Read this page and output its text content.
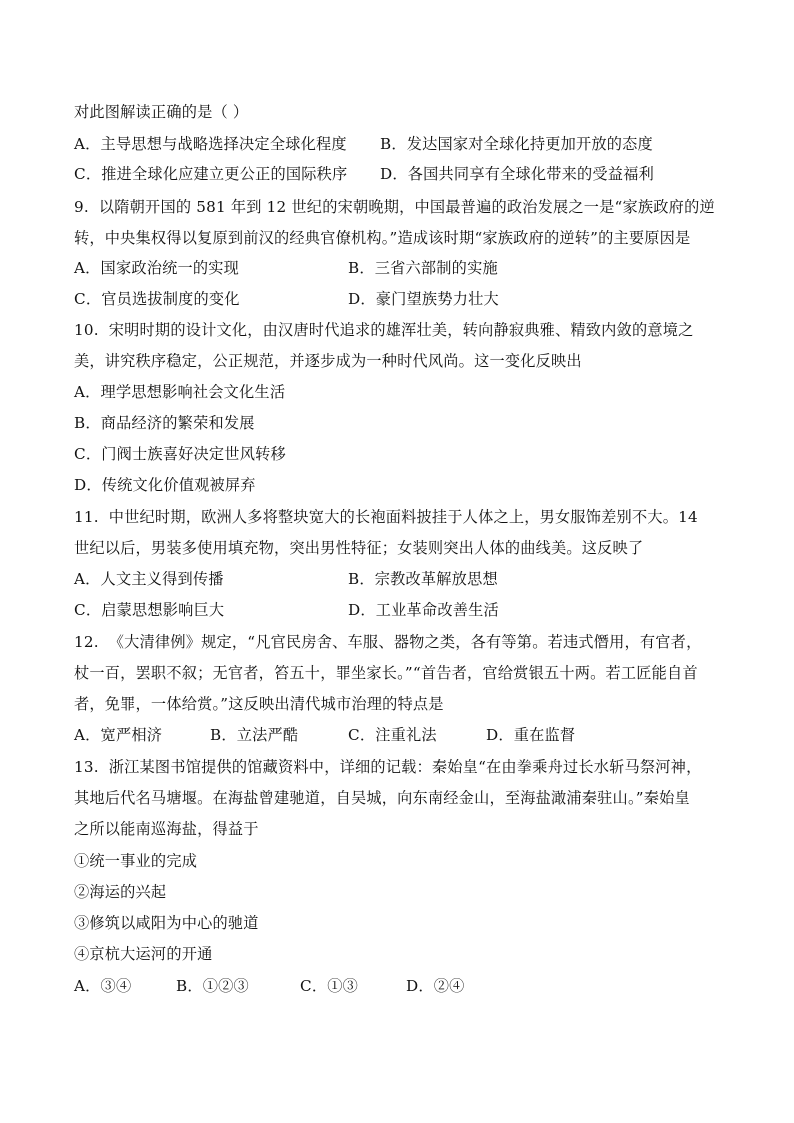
对此图解读正确的是（ ）
A．主导思想与战略选择决定全球化程度 B．发达国家对全球化持更加开放的态度
C．推进全球化应建立更公正的国际秩序 D．各国共同享有全球化带来的受益福利
9. 以隋朝开国的 581 年到 12 世纪的宋朝晚期，中国最普遍的政治发展之一是“家族政府的逆
转，中央集权得以复原到前汉的经典官僚机构。”造成该时期“家族政府的逆转”的主要原因是
A．国家政治统一的实现	B．三省六部制的实施
C．官员选拔制度的变化	D．豪门望族势力壮大
10. 宋明时期的设计文化，由汉唐时代追求的雄浑壮美，转向静寂典雅、精致内敛的意境之
美，讲究秩序稳定，公正规范，并逐步成为一种时代风尚。这一变化反映出
A．理学思想影响社会文化生活
B．商品经济的繁荣和发展
C．门阀士族喜好决定世风转移
D．传统文化价值观被屏弃
11. 中世纪时期，欧洲人多将整块宽大的长袍面料披挂于人体之上，男女服饰差别不大。14
世纪以后，男装多使用填充物，突出男性特征；女装则突出人体的曲线美。这反映了
A．人文主义得到传播	B．宗教改革解放思想
C．启蒙思想影响巨大	D．工业革命改善生活
12. 《大清律例》规定，“凡官民房舍、车服、器物之类，各有等第。若违式僭用，有官者，
杖一百，罢职不叙；无官者，笞五十，罪坐家长。”“首告者，官给赏银五十两。若工匠能自首
者，免罪，一体给赏。”这反映出清代城市治理的特点是
A．宽严相济	B．立法严酷	C．注重礼法	D．重在监督
13. 浙江某图书馆提供的馆藏资料中，详细的记载：秦始皇“在由拳乘舟过长水斩马祭河神，
其地后代名马塘堰。在海盐曾建驰道，自吴城，向东南经金山，至海盐澉浦秦驻山。”秦始皇
之所以能南巡海盐，得益于
①统一事业的完成
②海运的兴起
③修筑以咸阳为中心的驰道
④京杭大运河的开通
A．③④	B．①②③	C．①③	D．②④
